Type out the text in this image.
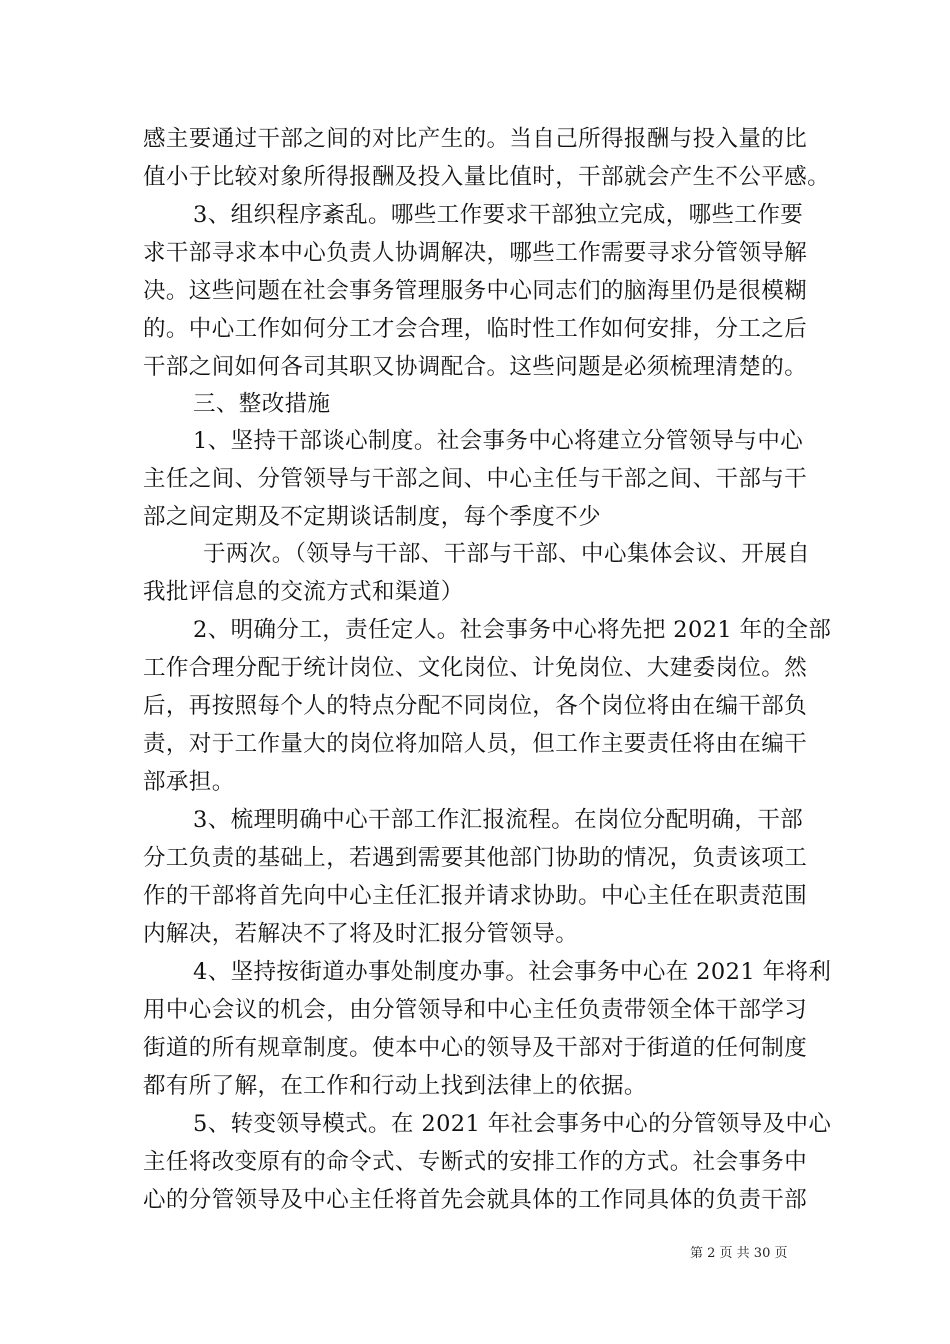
感主要通过干部之间的对比产生的。当自己所得报酬与投入量的比
值小于比较对象所得报酬及投入量比值时，干部就会产生不公平感。
3、组织程序紊乱。哪些工作要求干部独立完成，哪些工作要
求干部寻求本中心负责人协调解决，哪些工作需要寻求分管领导解
决。这些问题在社会事务管理服务中心同志们的脑海里仍是很模糊
的。中心工作如何分工才会合理，临时性工作如何安排，分工之后
干部之间如何各司其职又协调配合。这些问题是必须梳理清楚的。
三、整改措施
1、坚持干部谈心制度。社会事务中心将建立分管领导与中心
主任之间、分管领导与干部之间、中心主任与干部之间、干部与干
部之间定期及不定期谈话制度，每个季度不少
于两次。（领导与干部、干部与干部、中心集体会议、开展自
我批评信息的交流方式和渠道）
2、明确分工，责任定人。社会事务中心将先把 2021 年的全部
工作合理分配于统计岗位、文化岗位、计免岗位、大建委岗位。然
后，再按照每个人的特点分配不同岗位，各个岗位将由在编干部负
责，对于工作量大的岗位将加陪人员，但工作主要责任将由在编干
部承担。
3、梳理明确中心干部工作汇报流程。在岗位分配明确，干部
分工负责的基础上，若遇到需要其他部门协助的情况，负责该项工
作的干部将首先向中心主任汇报并请求协助。中心主任在职责范围
内解决，若解决不了将及时汇报分管领导。
4、坚持按街道办事处制度办事。社会事务中心在 2021 年将利
用中心会议的机会，由分管领导和中心主任负责带领全体干部学习
街道的所有规章制度。使本中心的领导及干部对于街道的任何制度
都有所了解，在工作和行动上找到法律上的依据。
5、转变领导模式。在 2021 年社会事务中心的分管领导及中心
主任将改变原有的命令式、专断式的安排工作的方式。社会事务中
心的分管领导及中心主任将首先会就具体的工作同具体的负责干部
第 2 页 共 30 页
